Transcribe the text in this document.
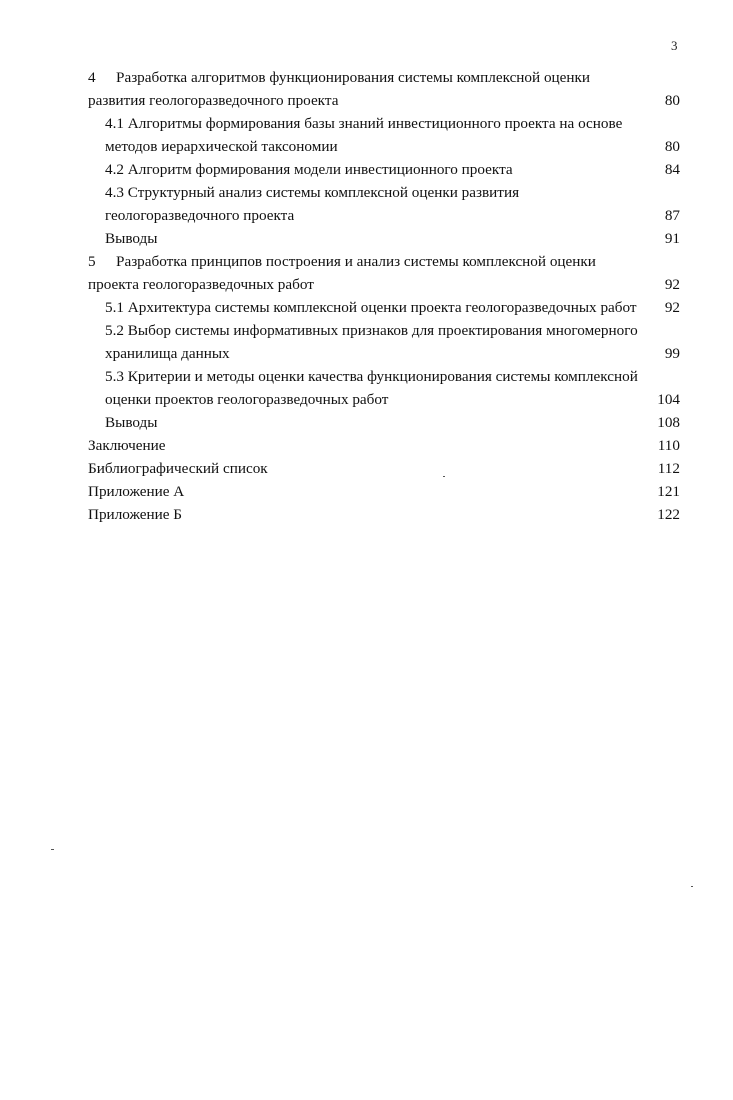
3
4 Разработка алгоритмов функционирования системы комплексной оценки развития геологоразведочного проекта	80
4.1 Алгоритмы формирования базы знаний инвестиционного проекта на основе методов иерархической таксономии	80
4.2 Алгоритм формирования модели инвестиционного проекта	84
4.3 Структурный анализ системы комплексной оценки развития геологоразведочного проекта	87
Выводы	91
5 Разработка принципов построения и анализ системы комплексной оценки проекта геологоразведочных работ	92
5.1 Архитектура системы комплексной оценки проекта геологоразведочных работ 92
5.2 Выбор системы информативных признаков для проектирования многомерного хранилища данных	99
5.3 Критерии и методы оценки качества функционирования системы комплексной оценки проектов геологоразведочных работ	104
Выводы	108
Заключение	110
Библиографический список	112
Приложение А	121
Приложение Б	122
